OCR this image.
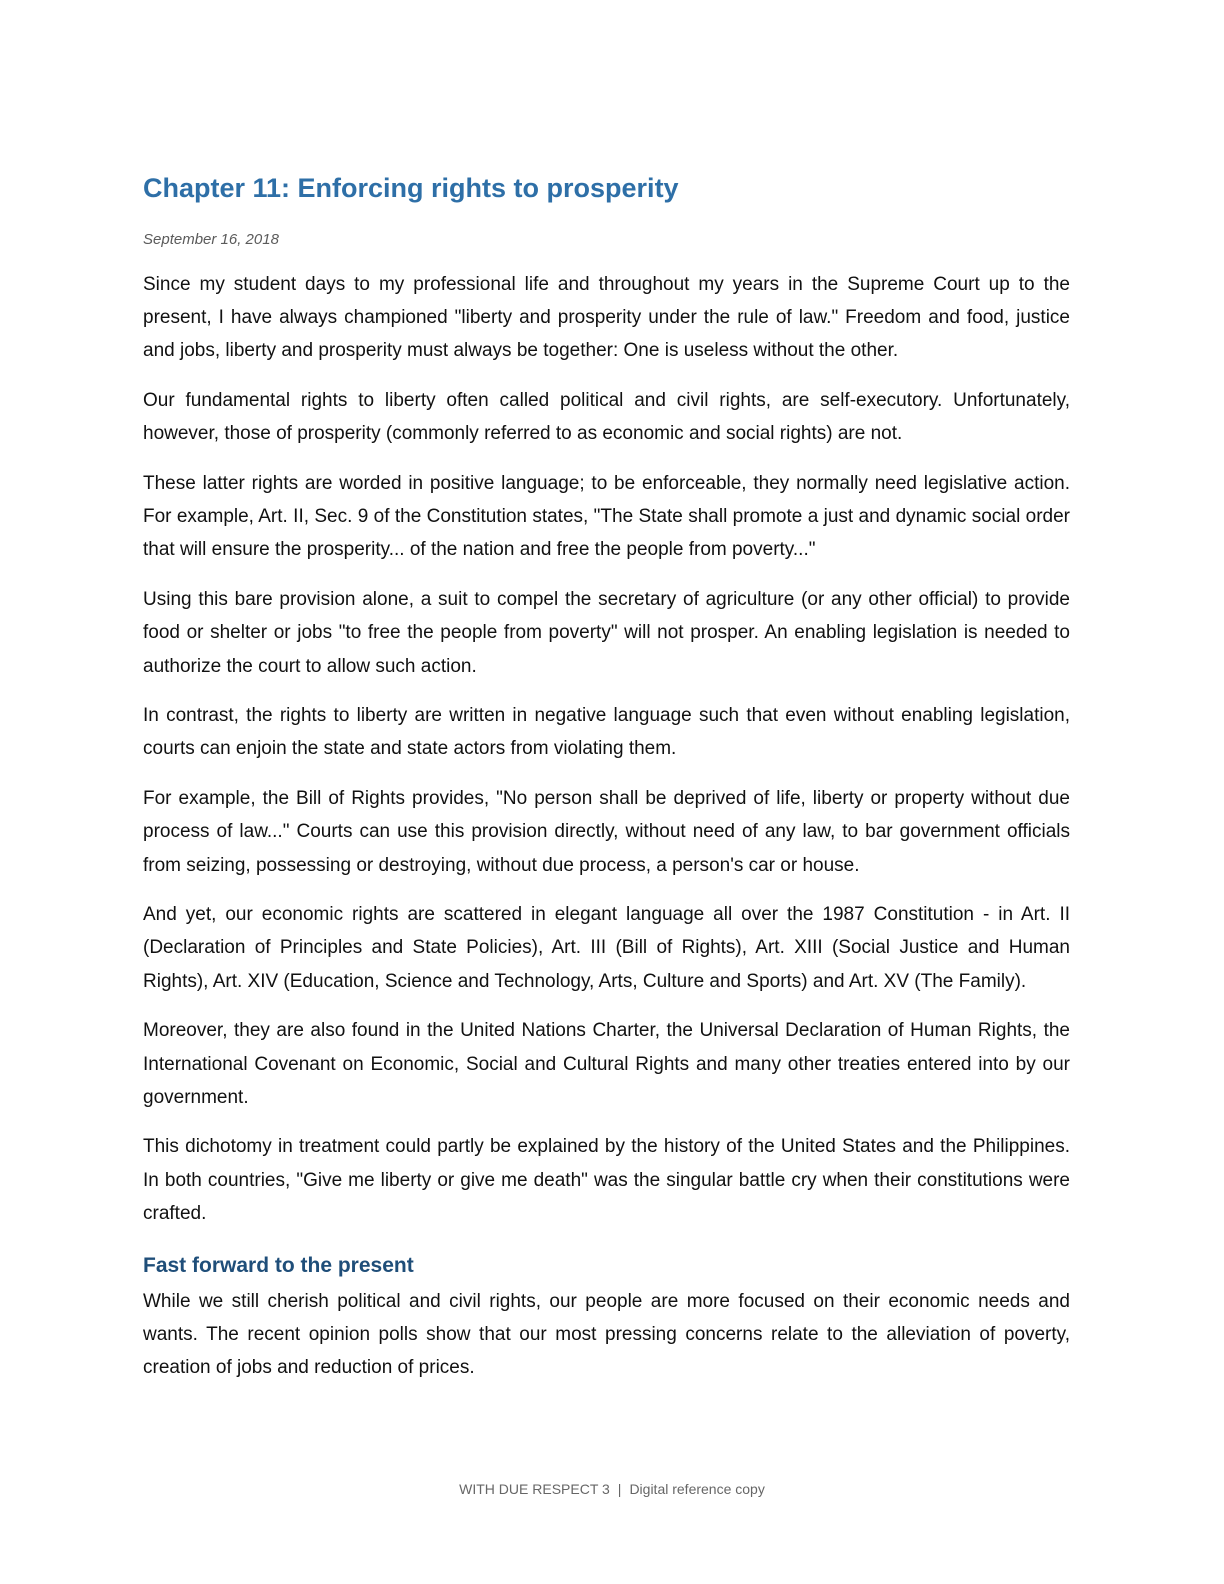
Chapter 11: Enforcing rights to prosperity

September 16, 2018

Since my student days to my professional life and throughout my years in the Supreme Court up to the present, I have always championed "liberty and prosperity under the rule of law." Freedom and food, justice and jobs, liberty and prosperity must always be together: One is useless without the other.

Our fundamental rights to liberty often called political and civil rights, are self-executory. Unfortunately, however, those of prosperity (commonly referred to as economic and social rights) are not.

These latter rights are worded in positive language; to be enforceable, they normally need legislative action. For example, Art. II, Sec. 9 of the Constitution states, "The State shall promote a just and dynamic social order that will ensure the prosperity... of the nation and free the people from poverty..."

Using this bare provision alone, a suit to compel the secretary of agriculture (or any other official) to provide food or shelter or jobs "to free the people from poverty" will not prosper. An enabling legislation is needed to authorize the court to allow such action.

In contrast, the rights to liberty are written in negative language such that even without enabling legislation, courts can enjoin the state and state actors from violating them.

For example, the Bill of Rights provides, "No person shall be deprived of life, liberty or property without due process of law..." Courts can use this provision directly, without need of any law, to bar government officials from seizing, possessing or destroying, without due process, a person's car or house.

And yet, our economic rights are scattered in elegant language all over the 1987 Constitution - in Art. II (Declaration of Principles and State Policies), Art. III (Bill of Rights), Art. XIII (Social Justice and Human Rights), Art. XIV (Education, Science and Technology, Arts, Culture and Sports) and Art. XV (The Family).

Moreover, they are also found in the United Nations Charter, the Universal Declaration of Human Rights, the International Covenant on Economic, Social and Cultural Rights and many other treaties entered into by our government.

This dichotomy in treatment could partly be explained by the history of the United States and the Philippines. In both countries, "Give me liberty or give me death" was the singular battle cry when their constitutions were crafted.

Fast forward to the present

While we still cherish political and civil rights, our people are more focused on their economic needs and wants. The recent opinion polls show that our most pressing concerns relate to the alleviation of poverty, creation of jobs and reduction of prices.

WITH DUE RESPECT 3 | Digital reference copy
